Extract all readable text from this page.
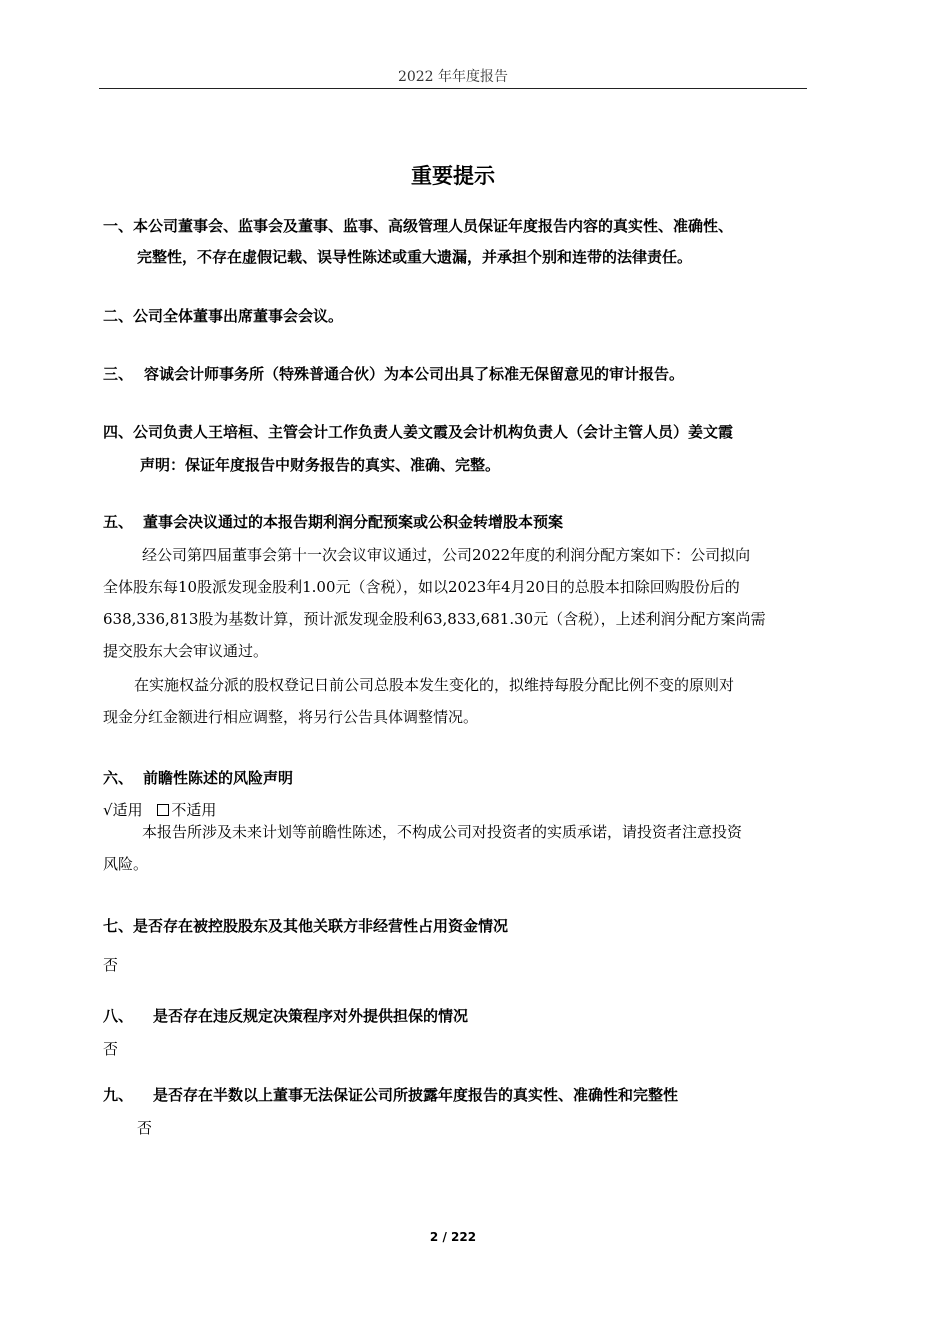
2022 年年度报告
重要提示
一、本公司董事会、监事会及董事、监事、高级管理人员保证年度报告内容的真实性、准确性、
完整性，不存在虚假记载、误导性陈述或重大遗漏，并承担个别和连带的法律责任。
二、公司全体董事出席董事会会议。
三、 容诚会计师事务所（特殊普通合伙）为本公司出具了标准无保留意见的审计报告。
四、公司负责人王培桓、主管会计工作负责人姜文霞及会计机构负责人（会计主管人员）姜文霞
声明：保证年度报告中财务报告的真实、准确、完整。
五、 董事会决议通过的本报告期利润分配预案或公积金转增股本预案
经公司第四届董事会第十一次会议审议通过，公司2022年度的利润分配方案如下：公司拟向
全体股东每10股派发现金股利1.00元（含税），如以2023年4月20日的总股本扣除回购股份后的
638,336,813股为基数计算，预计派发现金股利63,833,681.30元（含税），上述利润分配方案尚需
提交股东大会审议通过。
在实施权益分派的股权登记日前公司总股本发生变化的，拟维持每股分配比例不变的原则对
现金分红金额进行相应调整，将另行公告具体调整情况。
六、 前瞻性陈述的风险声明
√适用 不适用
本报告所涉及未来计划等前瞻性陈述，不构成公司对投资者的实质承诺，请投资者注意投资
风险。
七、是否存在被控股股东及其他关联方非经营性占用资金情况
否
八、 是否存在违反规定决策程序对外提供担保的情况
否
九、 是否存在半数以上董事无法保证公司所披露年度报告的真实性、准确性和完整性
否
2 / 222
